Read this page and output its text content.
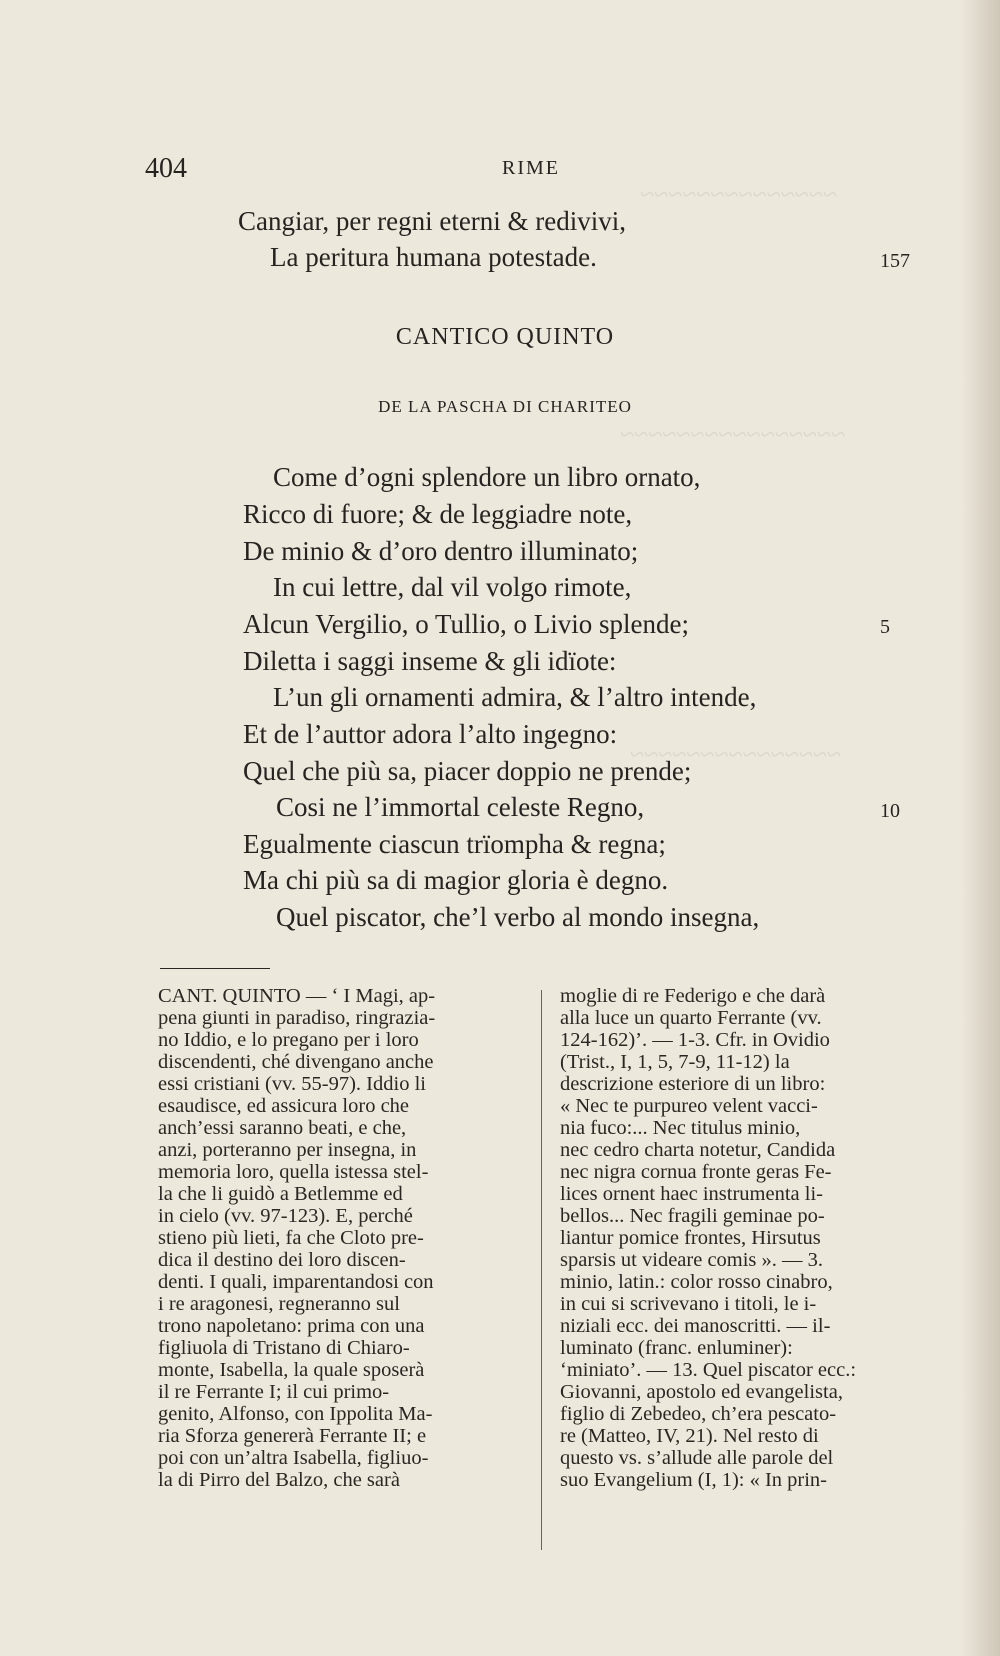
~~~~~~~~~~~~~~
~~~~~~~~~~~~~~~~
~~~~~~~~~~~~~~~
404	RIME
Cangiar, per regni eterni & redivivi,
La peritura humana potestade.	157
CANTICO QUINTO
DE LA PASCHA DI CHARITEO
Come d’ogni splendore un libro ornato,
Ricco di fuore; & de leggiadre note,
De minio & d’oro dentro illuminato;
In cui lettre, dal vil volgo rimote,
Alcun Vergilio, o Tullio, o Livio splende;	5
Diletta i saggi inseme & gli idïote:
L’un gli ornamenti admira, & l’altro intende,
Et de l’auttor adora l’alto ingegno:
Quel che più sa, piacer doppio ne prende;
Cosi ne l’immortal celeste Regno,	10
Egualmente ciascun trïompha & regna;
Ma chi più sa di magior gloria è degno.
Quel piscator, che’l verbo al mondo insegna,
CANT. QUINTO — ‘ I Magi, ap-
pena giunti in paradiso, ringrazia-
no Iddio, e lo pregano per i loro
discendenti, ché divengano anche
essi cristiani (vv. 55-97). Iddio li
esaudisce, ed assicura loro che
anch’essi saranno beati, e che,
anzi, porteranno per insegna, in
memoria loro, quella istessa stel-
la che li guidò a Betlemme ed
in cielo (vv. 97-123). E, perché
stieno più lieti, fa che Cloto pre-
dica il destino dei loro discen-
denti. I quali, imparentandosi con
i re aragonesi, regneranno sul
trono napoletano: prima con una
figliuola di Tristano di Chiaro-
monte, Isabella, la quale sposerà
il re Ferrante I; il cui primo-
genito, Alfonso, con Ippolita Ma-
ria Sforza genererà Ferrante II; e
poi con un’altra Isabella, figliuo-
la di Pirro del Balzo, che sarà
moglie di re Federigo e che darà
alla luce un quarto Ferrante (vv.
124-162)’. — 1-3. Cfr. in Ovidio
(Trist., I, 1, 5, 7-9, 11-12) la
descrizione esteriore di un libro:
« Nec te purpureo velent vacci-
nia fuco:... Nec titulus minio,
nec cedro charta notetur, Candida
nec nigra cornua fronte geras Fe-
lices ornent haec instrumenta li-
bellos... Nec fragili geminae po-
liantur pomice frontes, Hirsutus
sparsis ut videare comis ». — 3.
minio, latin.: color rosso cinabro,
in cui si scrivevano i titoli, le i-
niziali ecc. dei manoscritti. — il-
luminato (franc. enluminer):
‘miniato’. — 13. Quel piscator ecc.:
Giovanni, apostolo ed evangelista,
figlio di Zebedeo, ch’era pescato-
re (Matteo, IV, 21). Nel resto di
questo vs. s’allude alle parole del
suo Evangelium (I, 1): « In prin-
